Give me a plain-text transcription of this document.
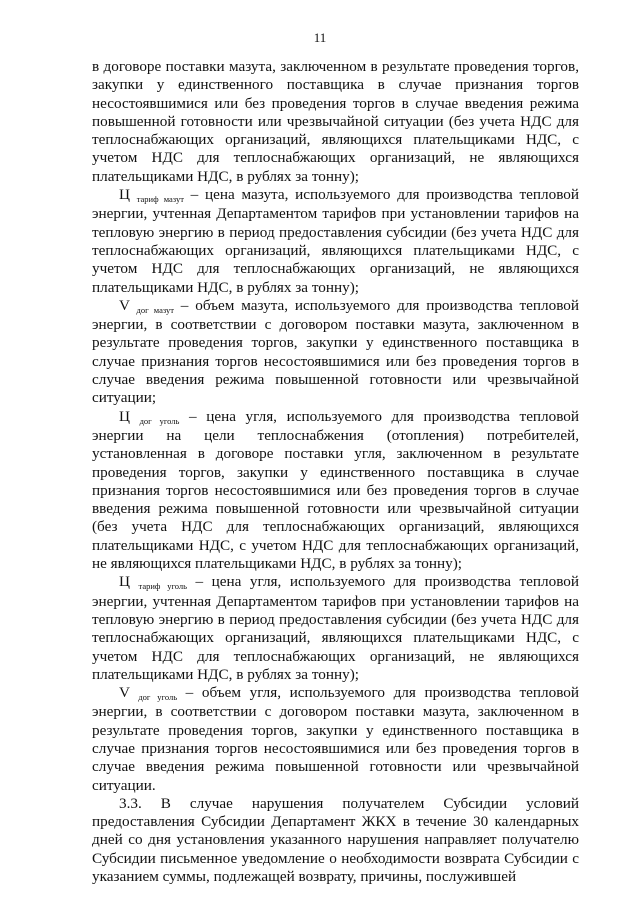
11

в договоре поставки мазута, заключенном в результате проведения торгов, закупки у единственного поставщика в случае признания торгов несостоявшимися или без проведения торгов в случае введения режима повышенной готовности или чрезвычайной ситуации (без учета НДС для теплоснабжающих организаций, являющихся плательщиками НДС, с учетом НДС для теплоснабжающих организаций, не являющихся плательщиками НДС, в рублях за тонну);

Ц тариф мазут – цена мазута, используемого для производства тепловой энергии, учтенная Департаментом тарифов при установлении тарифов на тепловую энергию в период предоставления субсидии (без учета НДС для теплоснабжающих организаций, являющихся плательщиками НДС, с учетом НДС для теплоснабжающих организаций, не являющихся плательщиками НДС, в рублях за тонну);

V дог мазут – объем мазута, используемого для производства тепловой энергии, в соответствии с договором поставки мазута, заключенном в результате проведения торгов, закупки у единственного поставщика в случае признания торгов несостоявшимися или без проведения торгов в случае введения режима повышенной готовности или чрезвычайной ситуации;

Ц дог уголь – цена угля, используемого для производства тепловой энергии на цели теплоснабжения (отопления) потребителей, установленная в договоре поставки угля, заключенном в результате проведения торгов, закупки у единственного поставщика в случае признания торгов несостоявшимися или без проведения торгов в случае введения режима повышенной готовности или чрезвычайной ситуации (без учета НДС для теплоснабжающих организаций, являющихся плательщиками НДС, с учетом НДС для теплоснабжающих организаций, не являющихся плательщиками НДС, в рублях за тонну);

Ц тариф уголь – цена угля, используемого для производства тепловой энергии, учтенная Департаментом тарифов при установлении тарифов на тепловую энергию в период предоставления субсидии (без учета НДС для теплоснабжающих организаций, являющихся плательщиками НДС, с учетом НДС для теплоснабжающих организаций, не являющихся плательщиками НДС, в рублях за тонну);

V дог уголь – объем угля, используемого для производства тепловой энергии, в соответствии с договором поставки мазута, заключенном в результате проведения торгов, закупки у единственного поставщика в случае признания торгов несостоявшимися или без проведения торгов в случае введения режима повышенной готовности или чрезвычайной ситуации.

3.3. В случае нарушения получателем Субсидии условий предоставления Субсидии Департамент ЖКХ в течение 30 календарных дней со дня установления указанного нарушения направляет получателю Субсидии письменное уведомление о необходимости возврата Субсидии с указанием суммы, подлежащей возврату, причины, послужившей
